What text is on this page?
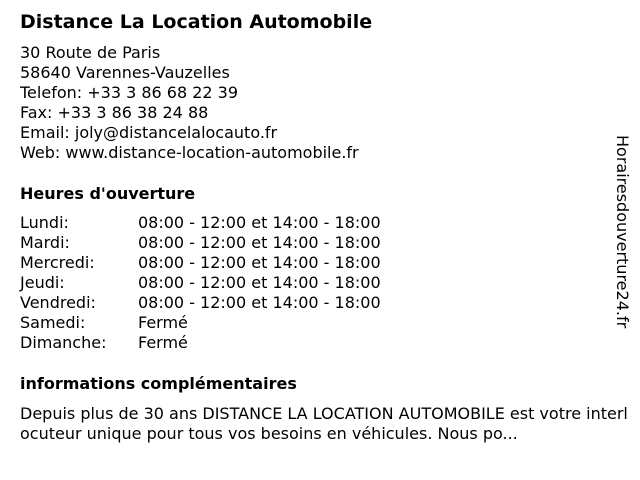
Distance La Location Automobile
30 Route de Paris
58640 Varennes-Vauzelles
Telefon: +33 3 86 68 22 39
Fax: +33 3 86 38 24 88
Email: joly@distancelalocauto.fr
Web: www.distance-location-automobile.fr
Heures d'ouverture
Lundi:	08:00 - 12:00 et 14:00 - 18:00
Mardi:	08:00 - 12:00 et 14:00 - 18:00
Mercredi:	08:00 - 12:00 et 14:00 - 18:00
Jeudi:	08:00 - 12:00 et 14:00 - 18:00
Vendredi:	08:00 - 12:00 et 14:00 - 18:00
Samedi:	Fermé
Dimanche: Fermé
informations complémentaires
Depuis plus de 30 ans DISTANCE LA LOCATION AUTOMOBILE est votre interlocuteur unique pour tous vos besoins en véhicules. Nous po...
Horairesdouverture24.fr
